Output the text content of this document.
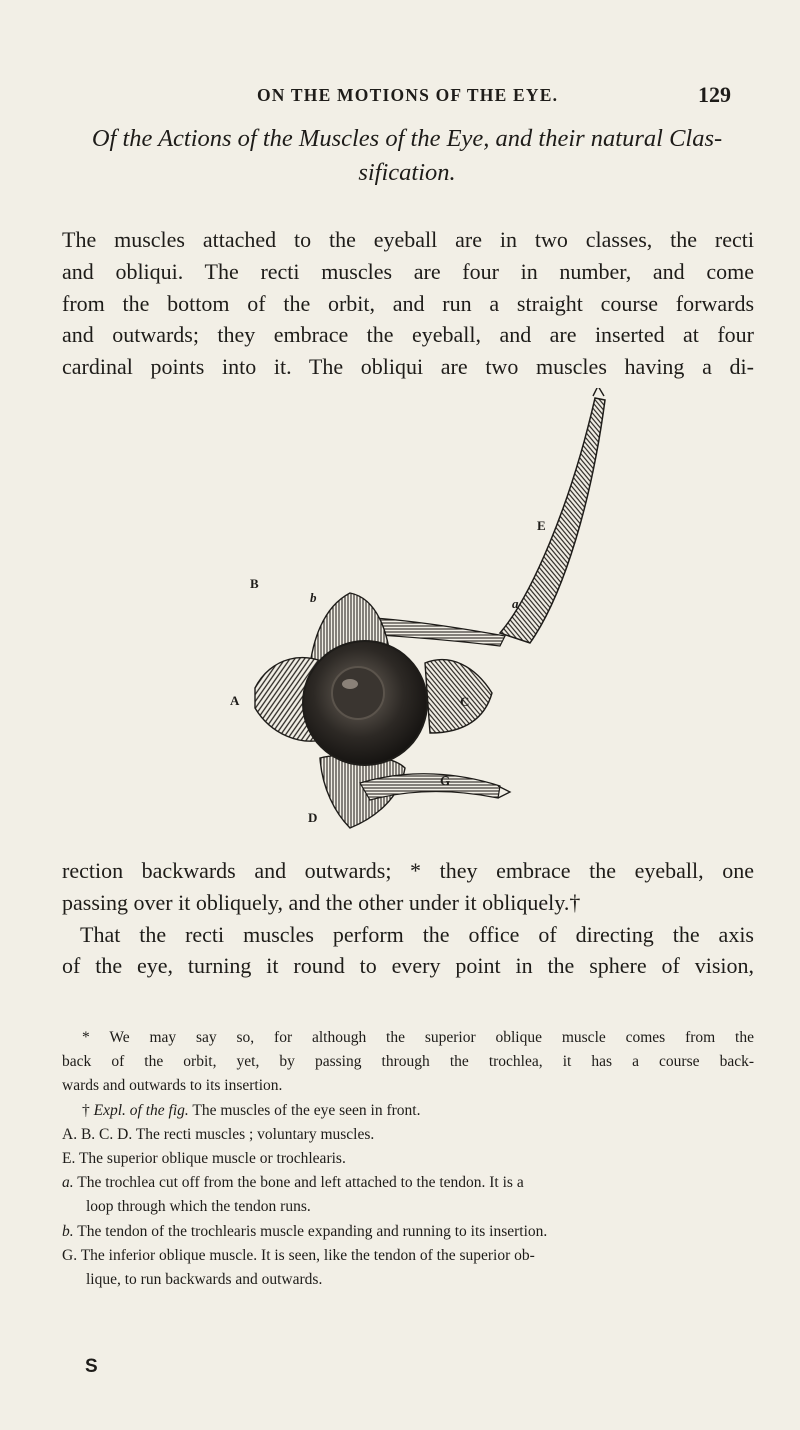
ON THE MOTIONS OF THE EYE.	129
Of the Actions of the Muscles of the Eye, and their natural Clas-
sification.
The muscles attached to the eyeball are in two classes, the recti
and obliqui. The recti muscles are four in number, and come
from the bottom of the orbit, and run a straight course forwards
and outwards; they embrace the eyeball, and are inserted at four
cardinal points into it. The obliqui are two muscles having a di-
E
B
b	a
A	C
G
D
rection backwards and outwards; * they embrace the eyeball, one
passing over it obliquely, and the other under it obliquely.†
That the recti muscles perform the office of directing the axis
of the eye, turning it round to every point in the sphere of vision,
* We may say so, for although the superior oblique muscle comes from the
back of the orbit, yet, by passing through the trochlea, it has a course back-
wards and outwards to its insertion.
† Expl. of the fig. The muscles of the eye seen in front.
A. B. C. D. The recti muscles ; voluntary muscles.
E. The superior oblique muscle or trochlearis.
a. The trochlea cut off from the bone and left attached to the tendon. It is a
loop through which the tendon runs.
b. The tendon of the trochlearis muscle expanding and running to its insertion.
G. The inferior oblique muscle. It is seen, like the tendon of the superior ob-
lique, to run backwards and outwards.
S
